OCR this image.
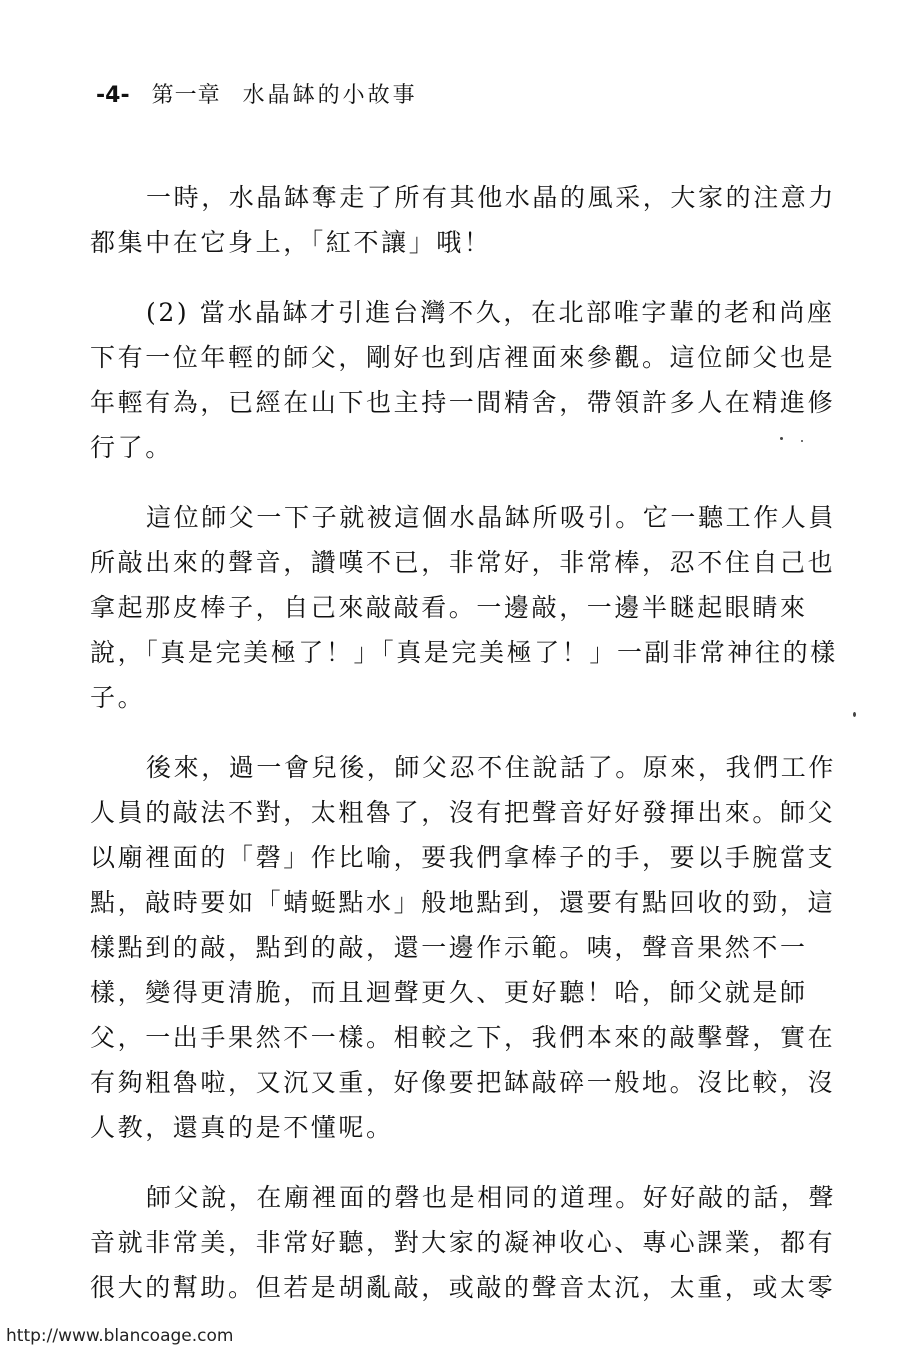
-4- 第一章 水晶缽的小故事
一時，水晶缽奪走了所有其他水晶的風采，大家的注意力
都集中在它身上，「紅不讓」哦！
(2) 當水晶缽才引進台灣不久，在北部唯字輩的老和尚座
下有一位年輕的師父，剛好也到店裡面來參觀。這位師父也是
年輕有為，已經在山下也主持一間精舍，帶領許多人在精進修
行了。
這位師父一下子就被這個水晶缽所吸引。它一聽工作人員
所敲出來的聲音，讚嘆不已，非常好，非常棒，忍不住自己也
拿起那皮棒子，自己來敲敲看。一邊敲，一邊半瞇起眼睛來
說，「真是完美極了！」「真是完美極了！」一副非常神往的樣
子。
後來，過一會兒後，師父忍不住說話了。原來，我們工作
人員的敲法不對，太粗魯了，沒有把聲音好好發揮出來。師父
以廟裡面的「磬」作比喻，要我們拿棒子的手，要以手腕當支
點，敲時要如「蜻蜓點水」般地點到，還要有點回收的勁，這
樣點到的敲，點到的敲，還一邊作示範。咦，聲音果然不一
樣，變得更清脆，而且迴聲更久、更好聽！哈，師父就是師
父，一出手果然不一樣。相較之下，我們本來的敲擊聲，實在
有夠粗魯啦，又沉又重，好像要把缽敲碎一般地。沒比較，沒
人教，還真的是不懂呢。
師父說，在廟裡面的磬也是相同的道理。好好敲的話，聲
音就非常美，非常好聽，對大家的凝神收心、專心課業，都有
很大的幫助。但若是胡亂敲，或敲的聲音太沉，太重，或太零
http://www.blancoage.com
